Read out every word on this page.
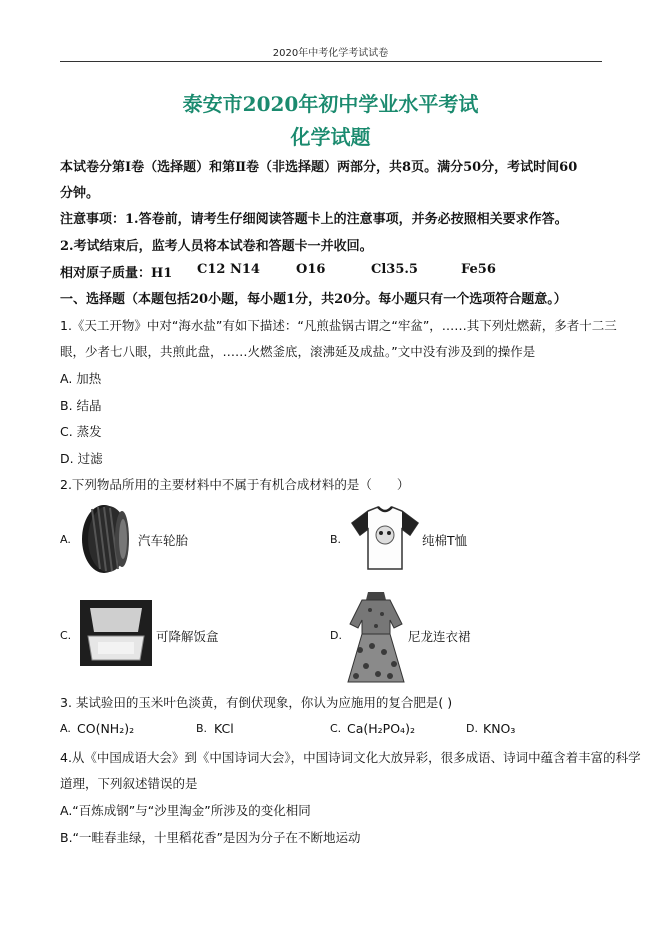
2020年中考化学考试试卷
泰安市2020年初中学业水平考试
化学试题
本试卷分第Ⅰ卷（选择题）和第Ⅱ卷（非选择题）两部分，共8页。满分50分，考试时间60
分钟。
注意事项：1.答卷前，请考生仔细阅读答题卡上的注意事项，并务必按照相关要求作答。
2.考试结束后，监考人员将本试卷和答题卡一并收回。
相对原子质量：H1 C12 N14	O16	Cl35.5	Fe56
一、选择题（本题包括20小题，每小题1分，共20分。每小题只有一个选项符合题意。）
1.《天工开物》中对“海水盐”有如下描述：“凡煎盐锅古谓之“牢盆”，……其下列灶燃薪，多者十二三
眼，少者七八眼，共煎此盘，……火燃釜底，滚沸延及成盐。”文中没有涉及到的操作是
A. 加热
B. 结晶
C. 蒸发
D. 过滤
2.下列物品所用的主要材料中不属于有机合成材料的是（　　）
A.	汽车轮胎	B.	纯棉T恤
C.	可降解饭盒	D.	尼龙连衣裙
3. 某试验田的玉米叶色淡黄，有倒伏现象，你认为应施用的复合肥是( )
A. CO(NH₂)₂	B. KCl	C. Ca(H₂PO₄)₂	D. KNO₃
4.从《中国成语大会》到《中国诗词大会》，中国诗词文化大放异彩，很多成语、诗词中蕴含着丰富的科学
道理，下列叙述错误的是
A.“百炼成钢”与“沙里淘金”所涉及的变化相同
B.“一畦春韭绿，十里稻花香”是因为分子在不断地运动
